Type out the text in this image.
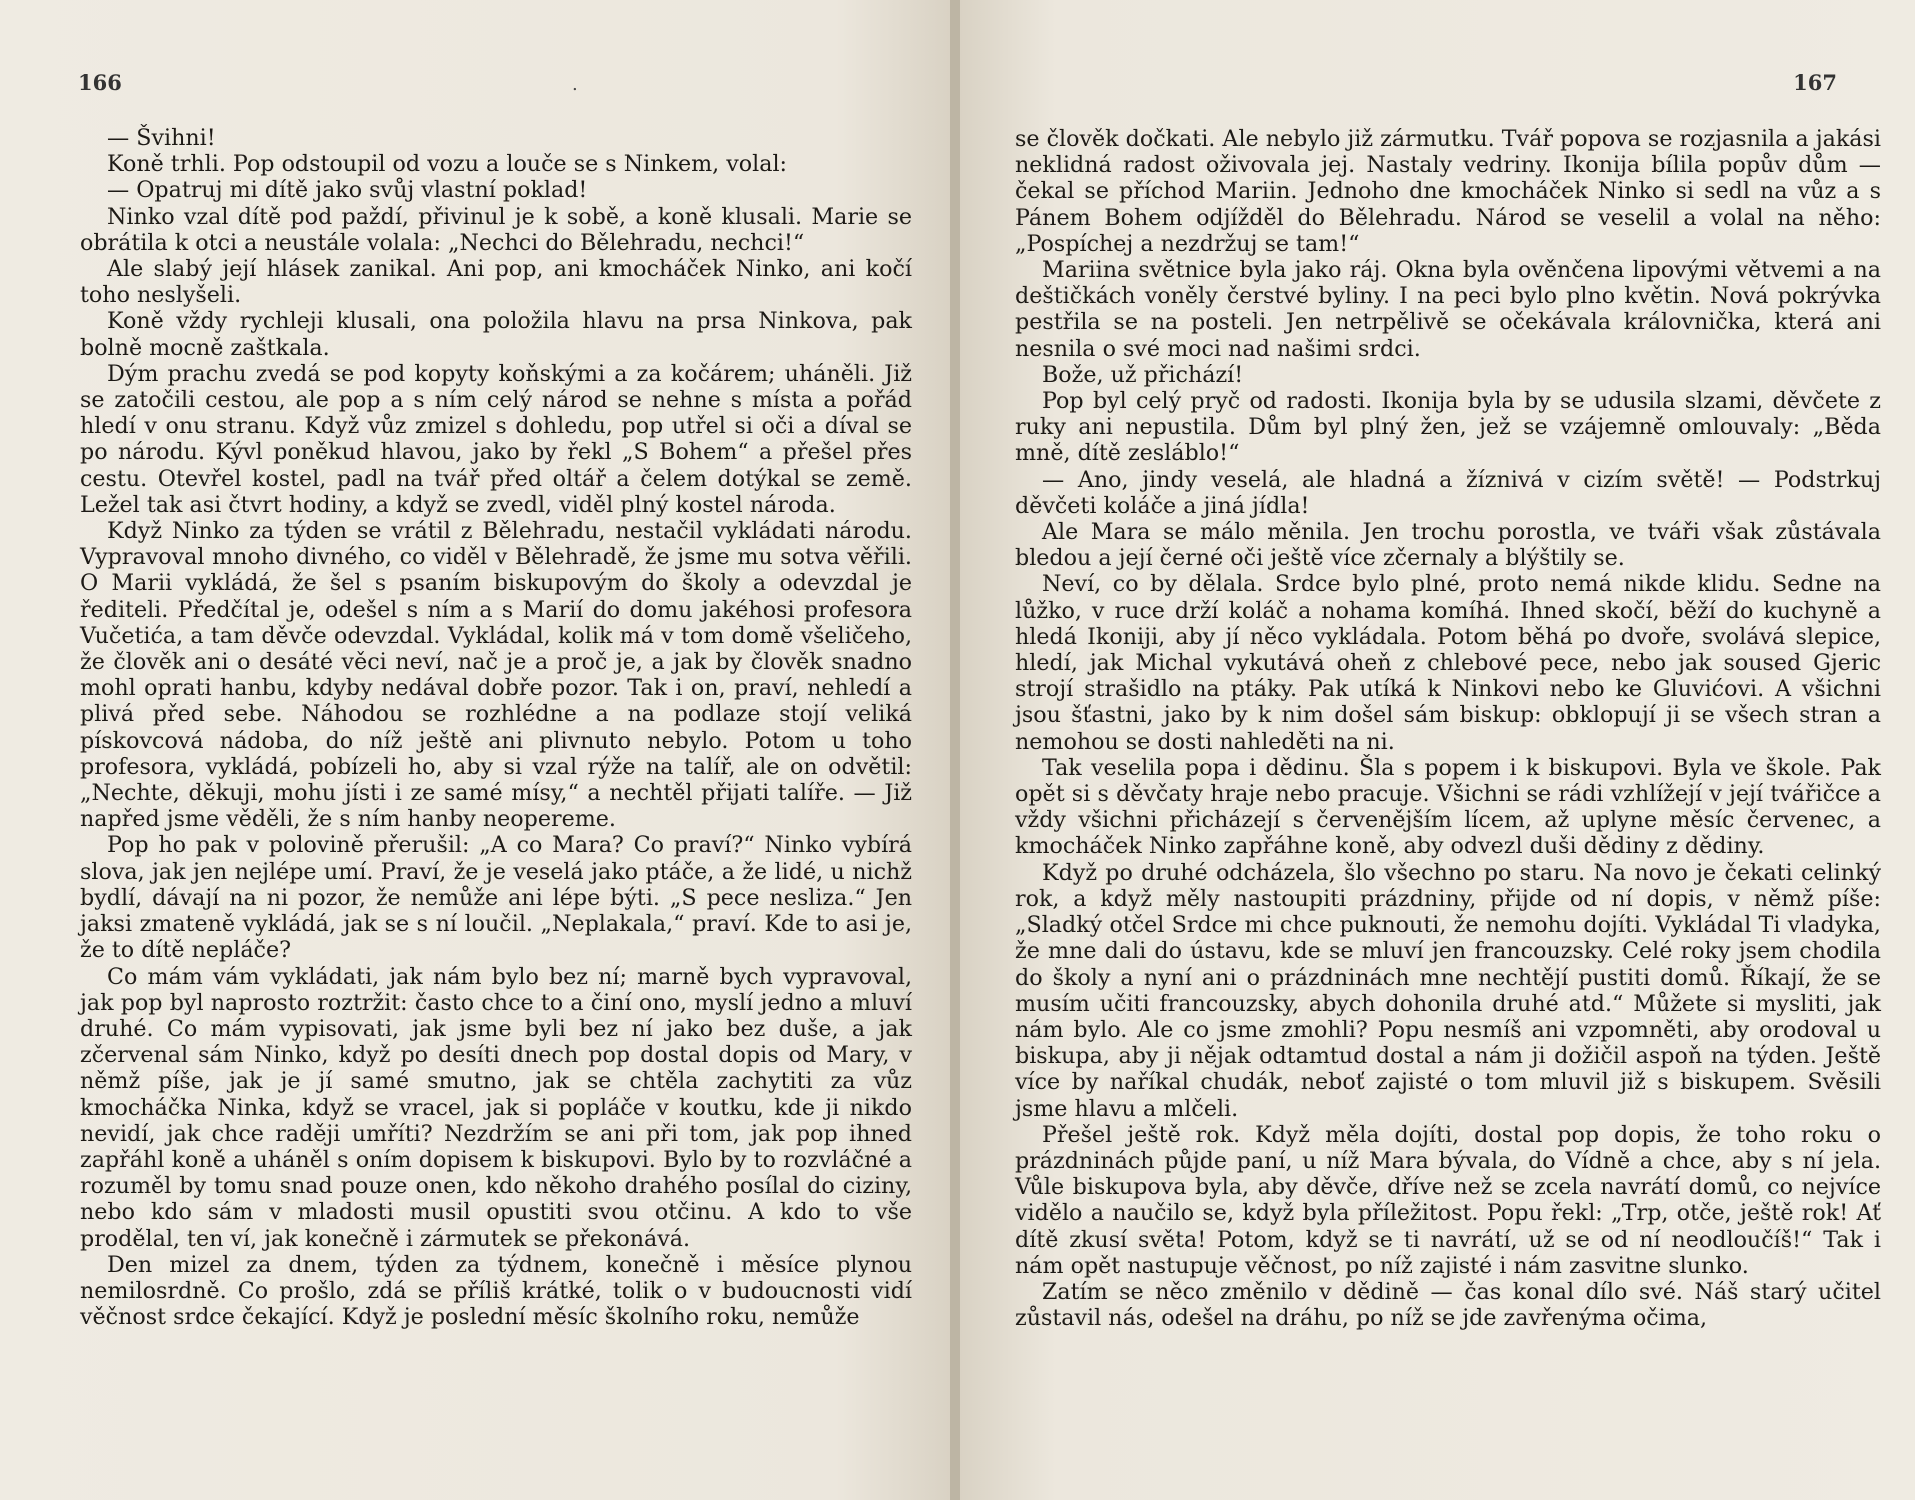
166	.

— Švihni!

Koně trhli. Pop odstoupil od vozu a louče se s Ninkem, volal:

— Opatruj mi dítě jako svůj vlastní poklad!

Ninko vzal dítě pod paždí, přivinul je k sobě, a koně klusali. Marie se obrátila k otci a neustále volala: „Nechci do Bělehradu, nechci!“

Ale slabý její hlásek zanikal. Ani pop, ani kmocháček Ninko, ani kočí toho neslyšeli.

Koně vždy rychleji klusali, ona položila hlavu na prsa Ninkova, pak bolně mocně zaštkala.

Dým prachu zvedá se pod kopyty koňskými a za kočárem; uháněli. Již se zatočili cestou, ale pop a s ním celý národ se nehne s místa a pořád hledí v onu stranu. Když vůz zmizel s dohledu, pop utřel si oči a díval se po národu. Kývl poněkud hlavou, jako by řekl „S Bohem“ a přešel přes cestu. Otevřel kostel, padl na tvář před oltář a čelem dotýkal se země. Ležel tak asi čtvrt hodiny, a když se zvedl, viděl plný kostel národa.

Když Ninko za týden se vrátil z Bělehradu, nestačil vykládati národu. Vypravoval mnoho divného, co viděl v Bělehradě, že jsme mu sotva věřili. O Marii vykládá, že šel s psaním biskupovým do školy a odevzdal je řediteli. Předčítal je, odešel s ním a s Marií do domu jakéhosi profesora Vučetića, a tam děvče odevzdal. Vykládal, kolik má v tom domě všeličeho, že člověk ani o desáté věci neví, nač je a proč je, a jak by člověk snadno mohl oprati hanbu, kdyby nedával dobře pozor. Tak i on, praví, nehledí a plivá před sebe. Náhodou se rozhlédne a na podlaze stojí veliká pískovcová nádoba, do níž ještě ani plivnuto nebylo. Potom u toho profesora, vykládá, pobízeli ho, aby si vzal rýže na talíř, ale on odvětil: „Nechte, děkuji, mohu jísti i ze samé mísy,“ a nechtěl přijati talíře. — Již napřed jsme věděli, že s ním hanby neopereme.

Pop ho pak v polovině přerušil: „A co Mara? Co praví?“ Ninko vybírá slova, jak jen nejlépe umí. Praví, že je veselá jako ptáče, a že lidé, u nichž bydlí, dávají na ni pozor, že nemůže ani lépe býti. „S pece nesliza.“ Jen jaksi zmateně vykládá, jak se s ní loučil. „Neplakala,“ praví. Kde to asi je, že to dítě nepláče?

Co mám vám vykládati, jak nám bylo bez ní; marně bych vypravoval, jak pop byl naprosto roztržit: často chce to a činí ono, myslí jedno a mluví druhé. Co mám vypisovati, jak jsme byli bez ní jako bez duše, a jak zčervenal sám Ninko, když po desíti dnech pop dostal dopis od Mary, v němž píše, jak je jí samé smutno, jak se chtěla zachytiti za vůz kmocháčka Ninka, když se vracel, jak si popláče v koutku, kde ji nikdo nevidí, jak chce raději umříti? Nezdržím se ani při tom, jak pop ihned zapřáhl koně a uháněl s oním dopisem k biskupovi. Bylo by to rozvláčné a rozuměl by tomu snad pouze onen, kdo někoho drahého posílal do ciziny, nebo kdo sám v mladosti musil opustiti svou otčinu. A kdo to vše prodělal, ten ví, jak konečně i zármutek se překonává.

Den mizel za dnem, týden za týdnem, konečně i měsíce plynou nemilosrdně. Co prošlo, zdá se příliš krátké, tolik o v budoucnosti vidí věčnost srdce čekající. Když je poslední měsíc školního roku, nemůže

167

se člověk dočkati. Ale nebylo již zármutku. Tvář popova se rozjasnila a jakási neklidná radost oživovala jej. Nastaly vedriny. Ikonija bílila popův dům — čekal se příchod Mariin. Jednoho dne kmocháček Ninko si sedl na vůz a s Pánem Bohem odjížděl do Bělehradu. Národ se veselil a volal na něho: „Pospíchej a nezdržuj se tam!“

Mariina světnice byla jako ráj. Okna byla ověnčena lipovými větvemi a na deštičkách voněly čerstvé byliny. I na peci bylo plno květin. Nová pokrývka pestřila se na posteli. Jen netrpělivě se očekávala královnička, která ani nesnila o své moci nad našimi srdci.

Bože, už přichází!

Pop byl celý pryč od radosti. Ikonija byla by se udusila slzami, děvčete z ruky ani nepustila. Dům byl plný žen, jež se vzájemně omlouvaly: „Běda mně, dítě zesláblo!“

— Ano, jindy veselá, ale hladná a žíznivá v cizím světě! — Podstrkuj děvčeti koláče a jiná jídla!

Ale Mara se málo měnila. Jen trochu porostla, ve tváři však zůstávala bledou a její černé oči ještě více zčernaly a blýštily se.

Neví, co by dělala. Srdce bylo plné, proto nemá nikde klidu. Sedne na lůžko, v ruce drží koláč a nohama komíhá. Ihned skočí, běží do kuchyně a hledá Ikoniji, aby jí něco vykládala. Potom běhá po dvoře, svolává slepice, hledí, jak Michal vykutává oheň z chlebové pece, nebo jak soused Gjeric strojí strašidlo na ptáky. Pak utíká k Ninkovi nebo ke Gluvićovi. A všichni jsou šťastni, jako by k nim došel sám biskup: obklopují ji se všech stran a nemohou se dosti nahleděti na ni.

Tak veselila popa i dědinu. Šla s popem i k biskupovi. Byla ve škole. Pak opět si s děvčaty hraje nebo pracuje. Všichni se rádi vzhlížejí v její tvářičce a vždy všichni přicházejí s červenějším lícem, až uplyne měsíc červenec, a kmocháček Ninko zapřáhne koně, aby odvezl duši dědiny z dědiny.

Když po druhé odcházela, šlo všechno po staru. Na novo je čekati celinký rok, a když měly nastoupiti prázdniny, přijde od ní dopis, v němž píše: „Sladký otčel Srdce mi chce puknouti, že nemohu dojíti. Vykládal Ti vladyka, že mne dali do ústavu, kde se mluví jen francouzsky. Celé roky jsem chodila do školy a nyní ani o prázdninách mne nechtějí pustiti domů. Říkají, že se musím učiti francouzsky, abych dohonila druhé atd.“ Můžete si mysliti, jak nám bylo. Ale co jsme zmohli? Popu nesmíš ani vzpomněti, aby orodoval u biskupa, aby ji nějak odtamtud dostal a nám ji dožičil aspoň na týden. Ještě více by naříkal chudák, neboť zajisté o tom mluvil již s biskupem. Svěsili jsme hlavu a mlčeli.

Přešel ještě rok. Když měla dojíti, dostal pop dopis, že toho roku o prázdninách půjde paní, u níž Mara bývala, do Vídně a chce, aby s ní jela. Vůle biskupova byla, aby děvče, dříve než se zcela navrátí domů, co nejvíce vidělo a naučilo se, když byla příležitost. Popu řekl: „Trp, otče, ještě rok! Ať dítě zkusí světa! Potom, když se ti navrátí, už se od ní neodloučíš!“ Tak i nám opět nastupuje věčnost, po níž zajisté i nám zasvitne slunko.

Zatím se něco změnilo v dědině — čas konal dílo své. Náš starý učitel zůstavil nás, odešel na dráhu, po níž se jde zavřenýma očima,
